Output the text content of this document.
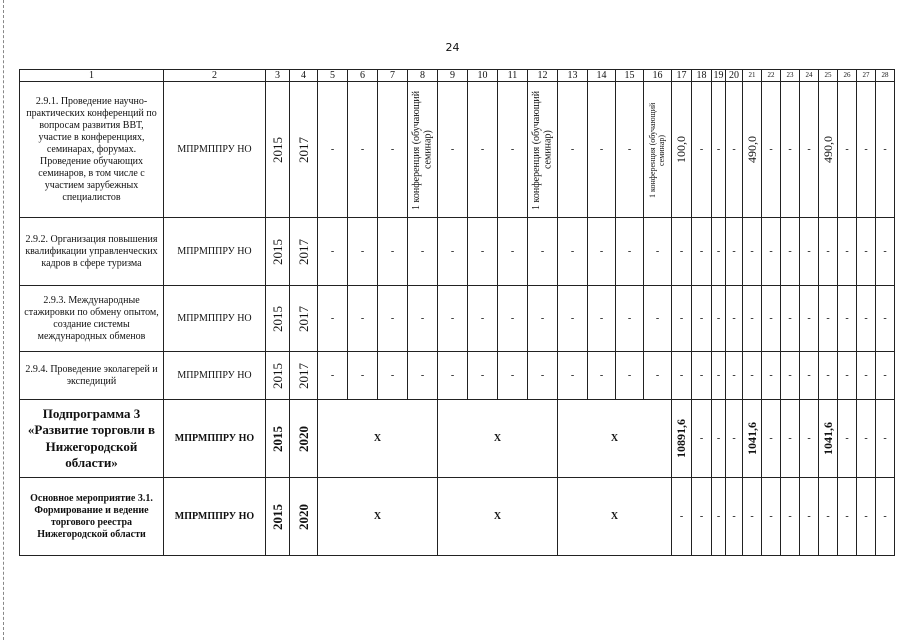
24
1	2	3	4	5	6	7	8	9	10	11	12	13	14	15	16	17	18	19	20	21	22	23	24	25	26	27	28
2.9.1. Проведение научно-практических конференций по вопросам развития ВВТ, участие в конференциях, семинарах, форумах. Проведение обучающих семинаров, в том числе с участием зарубежных специалистов	МПРМППРУ НО	2015	2017	-	-	-	1 конференция (обучающий семинар)	-	-	-	1 конференция (обучающий семинар)	-	-	-	1 конференция (обучающий семинар)	100,0	-	-	-	490,0	-	-	-	490,0	-	-	-
2.9.2. Организация повышения квалификации управленческих кадров в сфере туризма	МПРМППРУ НО	2015	2017	-	-	-	-	-	-	-	-	-	-	-	-	-	-	-	-	-	-	-	-	-	-	-	-
2.9.3. Международные стажировки по обмену опытом, создание системы международных обменов	МПРМППРУ НО	2015	2017	-	-	-	-	-	-	-	-	-	-	-	-	-	-	-	-	-	-	-	-	-	-	-	-
2.9.4. Проведение эколагерей и экспедиций	МПРМППРУ НО	2015	2017	-	-	-	-	-	-	-	-	-	-	-	-	-	-	-	-	-	-	-	-	-	-	-	-
Подпрограмма 3 «Развитие торговли в Нижегородской области»	МПРМППРУ НО	2015	2020	X				X				X				10891,6	-	-	-	1041,6	-	-	-	1041,6	-	-	-
Основное мероприятие 3.1. Формирование и ведение торгового реестра Нижегородской области	МПРМППРУ НО	2015	2020	X				X				X				-	-	-	-	-	-	-	-	-	-	-	-
